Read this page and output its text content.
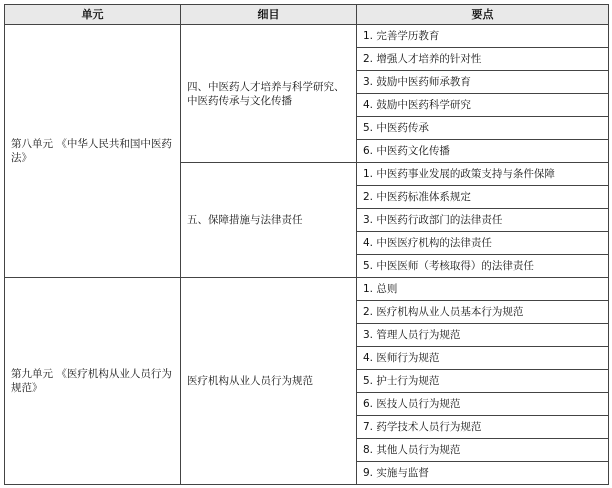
单元	细目	要点
第八单元 《中华人民共和国中医药法》	四、中医药人才培养与科学研究、中医药传承与文化传播	1. 完善学历教育
		2. 增强人才培养的针对性
		3. 鼓励中医药师承教育
		4. 鼓励中医药科学研究
		5. 中医药传承
		6. 中医药文化传播
	五、保障措施与法律责任	1. 中医药事业发展的政策支持与条件保障
		2. 中医药标准体系规定
		3. 中医药行政部门的法律责任
		4. 中医医疗机构的法律责任
		5. 中医医师（考核取得）的法律责任
第九单元 《医疗机构从业人员行为规范》	医疗机构从业人员行为规范	1. 总则
		2. 医疗机构从业人员基本行为规范
		3. 管理人员行为规范
		4. 医师行为规范
		5. 护士行为规范
		6. 医技人员行为规范
		7. 药学技术人员行为规范
		8. 其他人员行为规范
		9. 实施与监督
